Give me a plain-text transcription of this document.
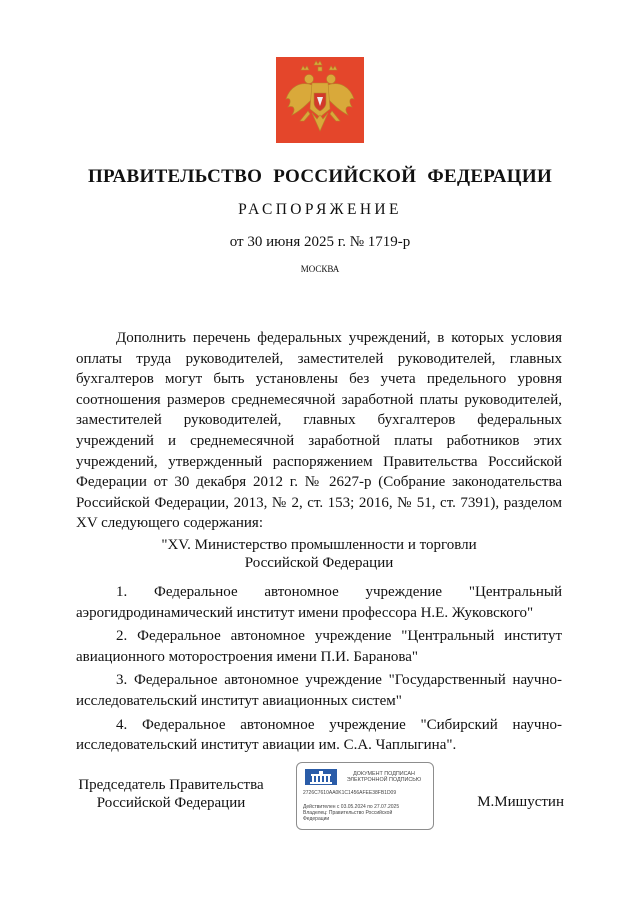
ПРАВИТЕЛЬСТВО РОССИЙСКОЙ ФЕДЕРАЦИИ
РАСПОРЯЖЕНИЕ
от 30 июня 2025 г. № 1719-р
МОСКВА
Дополнить перечень федеральных учреждений, в которых условия оплаты труда руководителей, заместителей руководителей, главных бухгалтеров могут быть установлены без учета предельного уровня соотношения размеров среднемесячной заработной платы руководителей, заместителей руководителей, главных бухгалтеров федеральных учреждений и среднемесячной заработной платы работников этих учреждений, утвержденный распоряжением Правительства Российской Федерации от 30 декабря 2012 г. № 2627-р (Собрание законодательства Российской Федерации, 2013, № 2, ст. 153; 2016, № 51, ст. 7391), разделом XV следующего содержания:
"XV. Министерство промышленности и торговли
Российской Федерации

1. Федеральное автономное учреждение "Центральный аэрогидродинамический институт имени профессора Н.Е. Жуковского"

2. Федеральное автономное учреждение "Центральный институт авиационного моторостроения имени П.И. Баранова"

3. Федеральное автономное учреждение "Государственный научно-исследовательский институт авиационных систем"

4. Федеральное автономное учреждение "Сибирский научно-исследовательский институт авиации им. С.А. Чаплыгина".

Председатель Правительства
Российской Федерации
ДОКУМЕНТ ПОДПИСАН
ЭЛЕКТРОННОЙ ПОДПИСЬЮ
2726C7610AA0K1C1456AFEE38FB1D09
Действителен с 03.05.2024 по 27.07.2025
Владелец: Правительство Российской
Федерации
М.Мишустин
